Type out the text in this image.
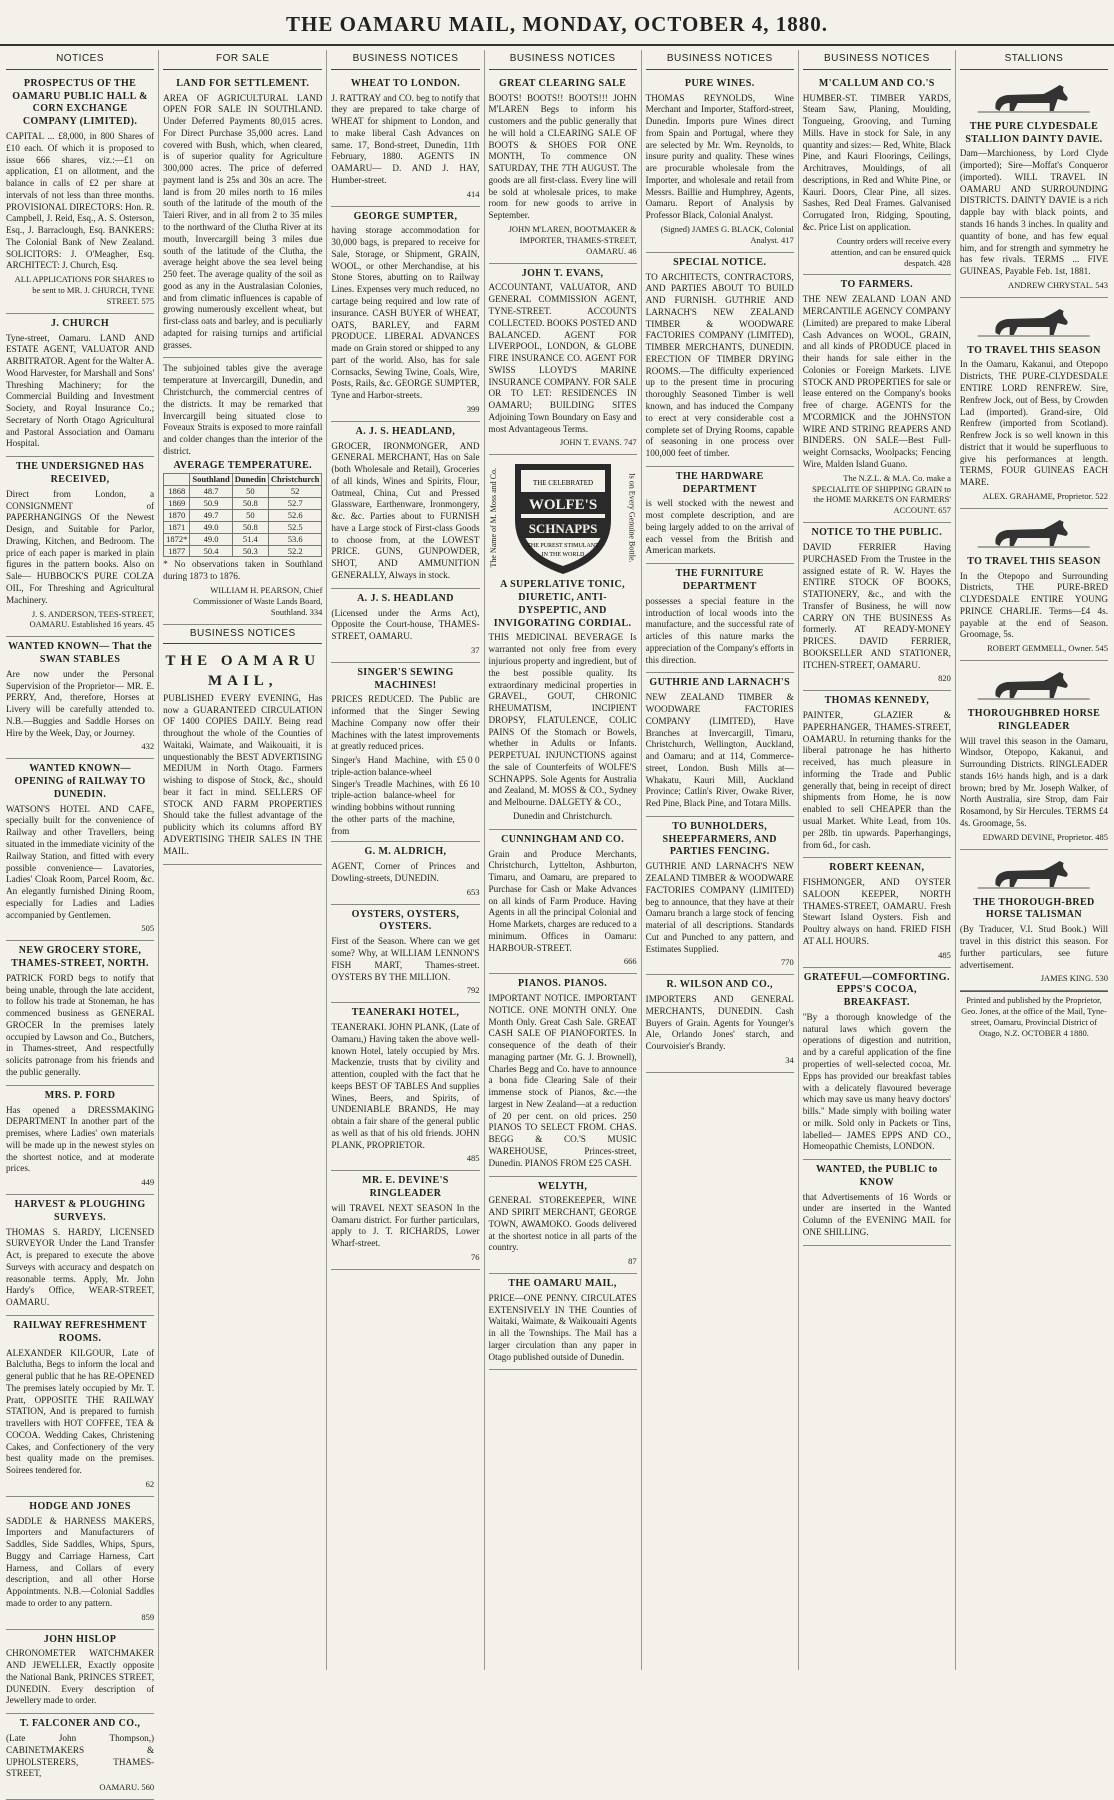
THE OAMARU MAIL, MONDAY, OCTOBER 4, 1880.
NOTICES
PROSPECTUS OF THE OAMARU PUBLIC HALL & CORN EXCHANGE COMPANY (LIMITED).

CAPITAL ... £8,000, in 800 Shares of £10 each. Of which it is proposed to issue 666 shares, viz.:—£1 on application, £1 on allotment, and the balance in calls of £2 per share at intervals of not less than three months. PROVISIONAL DIRECTORS: Hon. R. Campbell, J. Reid, Esq., A. S. Osterson, Esq., J. Barraclough, Esq. BANKERS: The Colonial Bank of New Zealand. SOLICITORS: J. O'Meagher, Esq. ARCHITECT: J. Church, Esq.

ALL APPLICATIONS FOR SHARES to be sent to MR. J. CHURCH, TYNE STREET. 575

J. CHURCH

Tyne-street, Oamaru. LAND AND ESTATE AGENT, VALUATOR AND ARBITRATOR. Agent for the Walter A. Wood Harvester, for Marshall and Sons' Threshing Machinery; for the Commercial Building and Investment Society, and Royal Insurance Co.; Secretary of North Otago Agricultural and Pastoral Association and Oamaru Hospital.

THE UNDERSIGNED HAS RECEIVED,

Direct from London, a CONSIGNMENT of PAPERHANGINGS Of the Newest Design, and Suitable for Parlor, Drawing, Kitchen, and Bedroom. The price of each paper is marked in plain figures in the pattern books. Also on Sale— HUBBOCK'S PURE COLZA OIL, For Threshing and Agricultural Machinery.

J. S. ANDERSON, TEES-STREET, OAMARU. Established 16 years. 45

WANTED KNOWN— That the SWAN STABLES

Are now under the Personal Supervision of the Proprietor— MR. E. PERRY, And, therefore, Horses at Livery will be carefully attended to. N.B.—Buggies and Saddle Horses on Hire by the Week, Day, or Journey.

432

WANTED KNOWN—OPENING of RAILWAY TO DUNEDIN.

WATSON'S HOTEL AND CAFE, specially built for the convenience of Railway and other Travellers, being situated in the immediate vicinity of the Railway Station, and fitted with every possible convenience— Lavatories, Ladies' Cloak Room, Parcel Room, &c. An elegantly furnished Dining Room, especially for Ladies and Ladies accompanied by Gentlemen.

505

NEW GROCERY STORE, THAMES-STREET, NORTH.

PATRICK FORD begs to notify that being unable, through the late accident, to follow his trade at Stoneman, he has commenced business as GENERAL GROCER In the premises lately occupied by Lawson and Co., Butchers, in Thames-street, And respectfully solicits patronage from his friends and the public generally.

MRS. P. FORD

Has opened a DRESSMAKING DEPARTMENT In another part of the premises, where Ladies' own materials will be made up in the newest styles on the shortest notice, and at moderate prices.

449

HARVEST & PLOUGHING SURVEYS.

THOMAS S. HARDY, LICENSED SURVEYOR Under the Land Transfer Act, is prepared to execute the above Surveys with accuracy and despatch on reasonable terms. Apply, Mr. John Hardy's Office, WEAR-STREET, OAMARU.

RAILWAY REFRESHMENT ROOMS.

ALEXANDER KILGOUR, Late of Balclutha, Begs to inform the local and general public that he has RE-OPENED The premises lately occupied by Mr. T. Pratt, OPPOSITE THE RAILWAY STATION, And is prepared to furnish travellers with HOT COFFEE, TEA & COCOA. Wedding Cakes, Christening Cakes, and Confectionery of the very best quality made on the premises. Soirees tendered for.

62

HODGE AND JONES

SADDLE & HARNESS MAKERS, Importers and Manufacturers of Saddles, Side Saddles, Whips, Spurs, Buggy and Carriage Harness, Cart Harness, and Collars of every description, and all other Horse Appointments. N.B.—Colonial Saddles made to order to any pattern.

859

JOHN HISLOP

CHRONOMETER WATCHMAKER AND JEWELLER, Exactly opposite the National Bank, PRINCES STREET, DUNEDIN. Every description of Jewellery made to order.

T. FALCONER AND CO.,

(Late John Thompson,) CABINETMAKERS & UPHOLSTERERS, THAMES-STREET,

OAMARU. 560

FOR SALE
LAND FOR SETTLEMENT.

AREA OF AGRICULTURAL LAND OPEN FOR SALE IN SOUTHLAND. Under Deferred Payments 80,015 acres. For Direct Purchase 35,000 acres. Land covered with Bush, which, when cleared, is of superior quality for Agriculture 300,000 acres. The price of deferred payment land is 25s and 30s an acre. The land is from 20 miles north to 16 miles south of the latitude of the mouth of the Taieri River, and in all from 2 to 35 miles to the northward of the Clutha River at its mouth, Invercargill being 3 miles due south of the latitude of the Clutha, the average height above the sea level being 250 feet. The average quality of the soil as good as any in the Australasian Colonies, and from climatic influences is capable of growing numerously excellent wheat, but first-class oats and barley, and is peculiarly adapted for raising turnips and artificial grasses.

The subjoined tables give the average temperature at Invercargill, Dunedin, and Christchurch, the commercial centres of the districts. It may be remarked that Invercargill being situated close to Foveaux Straits is exposed to more rainfall and colder changes than the interior of the district.

AVERAGE TEMPERATURE.
	Southland	Dunedin	Christchurch
1868	48.7	50	52
1869	50.9	50.8	52.7
1870	49.7	50	52.6
1871	49.0	50.8	52.5
1872*	49.0	51.4	53.6
1877	50.4	50.3	52.2

* No observations taken in Southland during 1873 to 1876.

WILLIAM H. PEARSON, Chief Commissioner of Waste Lands Board, Southland. 334

BUSINESS NOTICES
THE OAMARU MAIL,

PUBLISHED EVERY EVENING, Has now a GUARANTEED CIRCULATION OF 1400 COPIES DAILY. Being read throughout the whole of the Counties of Waitaki, Waimate, and Waikouaiti, it is unquestionably the BEST ADVERTISING MEDIUM in North Otago. Farmers wishing to dispose of Stock, &c., should bear it fact in mind. SELLERS OF STOCK AND FARM PROPERTIES Should take the fullest advantage of the publicity which its columns afford BY ADVERTISING THEIR SALES IN THE MAIL.

BUSINESS NOTICES
WHEAT TO LONDON.

J. RATTRAY and CO. beg to notify that they are prepared to take charge of WHEAT for shipment to London, and to make liberal Cash Advances on same. 17, Bond-street, Dunedin, 11th February, 1880. AGENTS IN OAMARU— D. AND J. HAY, Humber-street.

414

GEORGE SUMPTER,

having storage accommodation for 30,000 bags, is prepared to receive for Sale, Storage, or Shipment, GRAIN, WOOL, or other Merchandise, at his Stone Stores, abutting on to Railway Lines. Expenses very much reduced, no cartage being required and low rate of insurance. CASH BUYER of WHEAT, OATS, BARLEY, and FARM PRODUCE. LIBERAL ADVANCES made on Grain stored or shipped to any part of the world. Also, has for sale Cornsacks, Sewing Twine, Coals, Wire, Posts, Rails, &c. GEORGE SUMPTER, Tyne and Harbor-streets.

399

A. J. S. HEADLAND,

GROCER, IRONMONGER, AND GENERAL MERCHANT, Has on Sale (both Wholesale and Retail), Groceries of all kinds, Wines and Spirits, Flour, Oatmeal, China, Cut and Pressed Glassware, Earthenware, Ironmongery, &c. &c. Parties about to FURNISH have a Large stock of First-class Goods to choose from, at the LOWEST PRICE. GUNS, GUNPOWDER, SHOT, AND AMMUNITION GENERALLY, Always in stock.

A. J. S. HEADLAND

(Licensed under the Arms Act), Opposite the Court-house, THAMES-STREET, OAMARU.

37

SINGER'S SEWING MACHINES!

PRICES REDUCED. The Public are informed that the Singer Sewing Machine Company now offer their Machines with the latest improvements at greatly reduced prices.

Singer's Hand Machine, with triple-action balance-wheel
£5 0 0
Singer's Treadle Machines, with triple-action balance-wheel for winding bobbins without running the other parts of the machine, from
£6 10
G. M. ALDRICH,

AGENT, Corner of Princes and Dowling-streets, DUNEDIN.

653

OYSTERS, OYSTERS, OYSTERS.

First of the Season. Where can we get some? Why, at WILLIAM LENNON'S FISH MART, Thames-street. OYSTERS BY THE MILLION.

792

TEANERAKI HOTEL,

TEANERAKI. JOHN PLANK, (Late of Oamaru,) Having taken the above well-known Hotel, lately occupied by Mrs. Mackenzie, trusts that by civility and attention, coupled with the fact that he keeps BEST OF TABLES And supplies Wines, Beers, and Spirits, of UNDENIABLE BRANDS, He may obtain a fair share of the general public as well as that of his old friends. JOHN PLANK, PROPRIETOR.

485

MR. E. DEVINE'S RINGLEADER

will TRAVEL NEXT SEASON In the Oamaru district. For further particulars, apply to J. T. RICHARDS, Lower Wharf-street.

76

BUSINESS NOTICES
GREAT CLEARING SALE

BOOTS! BOOTS!! BOOTS!!! JOHN M'LAREN Begs to inform his customers and the public generally that he will hold a CLEARING SALE OF BOOTS & SHOES FOR ONE MONTH, To commence ON SATURDAY, THE 7TH AUGUST. The goods are all first-class. Every line will be sold at wholesale prices, to make room for new goods to arrive in September.

JOHN M'LAREN, BOOTMAKER & IMPORTER, THAMES-STREET, OAMARU. 46

JOHN T. EVANS,

ACCOUNTANT, VALUATOR, AND GENERAL COMMISSION AGENT, TYNE-STREET. ACCOUNTS COLLECTED. BOOKS POSTED AND BALANCED. AGENT FOR LIVERPOOL, LONDON, & GLOBE FIRE INSURANCE CO. AGENT FOR SWISS LLOYD'S MARINE INSURANCE COMPANY. FOR SALE OR TO LET: RESIDENCES IN OAMARU; BUILDING SITES Adjoining Town Boundary on Easy and most Advantageous Terms.

JOHN T. EVANS. 747

The Name of M. Moss and Co.	THE CELEBRATED
WOLFE'S
SCHNAPPS
THE PUREST STIMULANT
IN THE WORLD	Is on Every Genuine Bottle.
A SUPERLATIVE TONIC, DIURETIC, ANTI-DYSPEPTIC, AND INVIGORATING CORDIAL.

THIS MEDICINAL BEVERAGE Is warranted not only free from every injurious property and ingredient, but of the best possible quality. Its extraordinary medicinal properties in GRAVEL, GOUT, CHRONIC RHEUMATISM, INCIPIENT DROPSY, FLATULENCE, COLIC PAINS Of the Stomach or Bowels, whether in Adults or Infants. PERPETUAL INJUNCTIONS against the sale of Counterfeits of WOLFE'S SCHNAPPS. Sole Agents for Australia and Zealand, M. MOSS & CO., Sydney and Melbourne. DALGETY & CO.,

Dunedin and Christchurch.

CUNNINGHAM AND CO.

Grain and Produce Merchants, Christchurch, Lyttelton, Ashburton, Timaru, and Oamaru, are prepared to Purchase for Cash or Make Advances on all kinds of Farm Produce. Having Agents in all the principal Colonial and Home Markets, charges are reduced to a minimum. Offices in Oamaru: HARBOUR-STREET.

666

PIANOS. PIANOS.

IMPORTANT NOTICE. IMPORTANT NOTICE. ONE MONTH ONLY. One Month Only. Great Cash Sale. GREAT CASH SALE OF PIANOFORTES. In consequence of the death of their managing partner (Mr. G. J. Brownell), Charles Begg and Co. have to announce a bona fide Clearing Sale of their immense stock of Pianos, &c.—the largest in New Zealand—at a reduction of 20 per cent. on old prices. 250 PIANOS TO SELECT FROM. CHAS. BEGG & CO.'S MUSIC WAREHOUSE, Princes-street, Dunedin. PIANOS FROM £25 CASH.

WELYTH,

GENERAL STOREKEEPER, WINE AND SPIRIT MERCHANT, GEORGE TOWN, AWAMOKO. Goods delivered at the shortest notice in all parts of the country.

87

THE OAMARU MAIL,

PRICE—ONE PENNY. CIRCULATES EXTENSIVELY IN THE Counties of Waitaki, Waimate, & Waikouaiti Agents in all the Townships. The Mail has a larger circulation than any paper in Otago published outside of Dunedin.

BUSINESS NOTICES
PURE WINES.

THOMAS REYNOLDS, Wine Merchant and Importer, Stafford-street, Dunedin. Imports pure Wines direct from Spain and Portugal, where they are selected by Mr. Wm. Reynolds, to insure purity and quality. These wines are procurable wholesale from the Importer, and wholesale and retail from Messrs. Baillie and Humphrey, Agents, Oamaru. Report of Analysis by Professor Black, Colonial Analyst.

(Signed) JAMES G. BLACK, Colonial Analyst. 417

SPECIAL NOTICE.

TO ARCHITECTS, CONTRACTORS, AND PARTIES ABOUT TO BUILD AND FURNISH. GUTHRIE AND LARNACH'S NEW ZEALAND TIMBER & WOODWARE FACTORIES COMPANY (LIMITED), TIMBER MERCHANTS, DUNEDIN. ERECTION OF TIMBER DRYING ROOMS.—The difficulty experienced up to the present time in procuring thoroughly Seasoned Timber is well known, and has induced the Company to erect at very considerable cost a complete set of Drying Rooms, capable of seasoning in one process over 100,000 feet of timber.

THE HARDWARE DEPARTMENT

is well stocked with the newest and most complete description, and are being largely added to on the arrival of each vessel from the British and American markets.

THE FURNITURE DEPARTMENT

possesses a special feature in the introduction of local woods into the manufacture, and the successful rate of articles of this nature marks the appreciation of the Company's efforts in this direction.

GUTHRIE AND LARNACH'S

NEW ZEALAND TIMBER & WOODWARE FACTORIES COMPANY (LIMITED), Have Branches at Invercargill, Timaru, Christchurch, Wellington, Auckland, and Oamaru; and at 114, Commerce-street, London. Bush Mills at— Whakatu, Kauri Mill, Auckland Province; Catlin's River, Owake River, Red Pine, Black Pine, and Totara Mills.

TO BUNHOLDERS, SHEEPFARMERS, AND PARTIES FENCING.

GUTHRIE AND LARNACH'S NEW ZEALAND TIMBER & WOODWARE FACTORIES COMPANY (LIMITED) beg to announce, that they have at their Oamaru branch a large stock of fencing material of all descriptions. Standards Cut and Punched to any pattern, and Estimates Supplied.

770

R. WILSON AND CO.,

IMPORTERS AND GENERAL MERCHANTS, DUNEDIN. Cash Buyers of Grain. Agents for Younger's Ale, Orlando Jones' starch, and Courvoisier's Brandy.

34

BUSINESS NOTICES
M'CALLUM AND CO.'S

HUMBER-ST. TIMBER YARDS, Steam Saw, Planing, Moulding, Tongueing, Grooving, and Turning Mills. Have in stock for Sale, in any quantity and sizes:— Red, White, Black Pine, and Kauri Floorings, Ceilings, Architraves, Mouldings, of all descriptions, in Red and White Pine, or Kauri. Doors, Clear Pine, all sizes. Sashes, Red Deal Frames. Galvanised Corrugated Iron, Ridging, Spouting, &c. Price List on application.

Country orders will receive every attention, and can be ensured quick despatch. 428

TO FARMERS.

THE NEW ZEALAND LOAN AND MERCANTILE AGENCY COMPANY (Limited) are prepared to make Liberal Cash Advances on WOOL, GRAIN, and all kinds of PRODUCE placed in their hands for sale either in the Colonies or Foreign Markets. LIVE STOCK AND PROPERTIES for sale or lease entered on the Company's books free of charge. AGENTS for the M'CORMICK and the JOHNSTON WIRE AND STRING REAPERS AND BINDERS. ON SALE—Best Full-weight Cornsacks, Woolpacks; Fencing Wire, Malden Island Guano.

The N.Z.L. & M.A. Co. make a SPECIALITE OF SHIPPING GRAIN to the HOME MARKETS ON FARMERS' ACCOUNT. 657

NOTICE TO THE PUBLIC.

DAVID FERRIER Having PURCHASED From the Trustee in the assigned estate of R. W. Hayes the ENTIRE STOCK OF BOOKS, STATIONERY, &c., and with the Transfer of Business, he will now CARRY ON THE BUSINESS As formerly. AT READY-MONEY PRICES. DAVID FERRIER, BOOKSELLER AND STATIONER, ITCHEN-STREET, OAMARU.

820

THOMAS KENNEDY,

PAINTER, GLAZIER & PAPERHANGER, THAMES-STREET, OAMARU. In returning thanks for the liberal patronage he has hitherto received, has much pleasure in informing the Trade and Public generally that, being in receipt of direct shipments from Home, he is now enabled to sell CHEAPER than the usual Market. White Lead, from 10s. per 28lb. tin upwards. Paperhangings, from 6d., for cash.

ROBERT KEENAN,

FISHMONGER, AND OYSTER SALOON KEEPER, NORTH THAMES-STREET, OAMARU. Fresh Stewart Island Oysters. Fish and Poultry always on hand. FRIED FISH AT ALL HOURS.

485

GRATEFUL—COMFORTING. EPPS'S COCOA, BREAKFAST.

"By a thorough knowledge of the natural laws which govern the operations of digestion and nutrition, and by a careful application of the fine properties of well-selected cocoa, Mr. Epps has provided our breakfast tables with a delicately flavoured beverage which may save us many heavy doctors' bills." Made simply with boiling water or milk. Sold only in Packets or Tins, labelled— JAMES EPPS AND CO., Homeopathic Chemists, LONDON.

WANTED, the PUBLIC to KNOW

that Advertisements of 16 Words or under are inserted in the Wanted Column of the EVENING MAIL for ONE SHILLING.

STALLIONS
THE PURE CLYDESDALE STALLION DAINTY DAVIE.

Dam—Marchioness, by Lord Clyde (imported); Sire—Moffat's Conqueror (imported). WILL TRAVEL IN OAMARU AND SURROUNDING DISTRICTS. DAINTY DAVIE is a rich dapple bay with black points, and stands 16 hands 3 inches. In quality and quantity of bone, and has few equal him, and for strength and symmetry he has few rivals. TERMS ... FIVE GUINEAS, Payable Feb. 1st, 1881.

ANDREW CHRYSTAL. 543

TO TRAVEL THIS SEASON

In the Oamaru, Kakanui, and Otepopo Districts, THE PURE-CLYDESDALE ENTIRE LORD RENFREW. Sire, Renfrew Jock, out of Bess, by Crowden Lad (imported). Grand-sire, Old Renfrew (imported from Scotland). Renfrew Jock is so well known in this district that it would be superfluous to give his performances at length. TERMS, FOUR GUINEAS EACH MARE.

ALEX. GRAHAME, Proprietor. 522

TO TRAVEL THIS SEASON

In the Otepopo and Surrounding Districts, THE PURE-BRED CLYDESDALE ENTIRE YOUNG PRINCE CHARLIE. Terms—£4 4s. payable at the end of Season. Groomage, 5s.

ROBERT GEMMELL, Owner. 545

THOROUGHBRED HORSE RINGLEADER

Will travel this season in the Oamaru, Windsor, Otepopo, Kakanui, and Surrounding Districts. RINGLEADER stands 16½ hands high, and is a dark brown; bred by Mr. Joseph Walker, of North Australia, sire Strop, dam Fair Rosamond, by Sir Hercules. TERMS £4 4s. Groomage, 5s.

EDWARD DEVINE, Proprietor. 485

THE THOROUGH-BRED HORSE TALISMAN

(By Traducer, V.I. Stud Book.) Will travel in this district this season. For further particulars, see future advertisement.

JAMES KING. 530

Printed and published by the Proprietor, Geo. Jones, at the office of the Mail, Tyne-street, Oamaru, Provincial District of Otago, N.Z. OCTOBER 4 1880.
